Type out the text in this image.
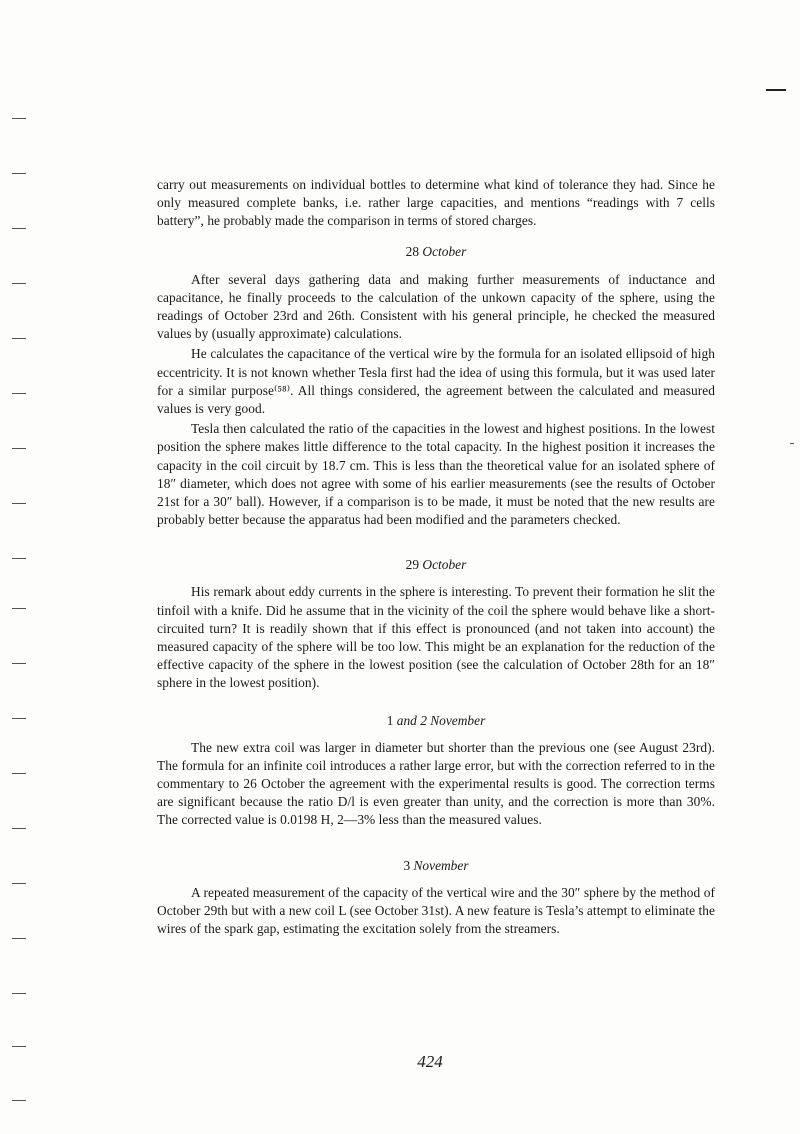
carry out measurements on individual bottles to determine what kind of tolerance they had. Since he only measured complete banks, i.e. rather large capacities, and mentions “readings with 7 cells battery”, he probably made the comparison in terms of stored charges.

28 October

After several days gathering data and making further measurements of inductance and capacitance, he finally proceeds to the calculation of the unkown capacity of the sphere, using the readings of October 23rd and 26th. Consistent with his general principle, he checked the measured values by (usually approximate) calculations.

He calculates the capacitance of the vertical wire by the formula for an isolated ellipsoid of high eccentricity. It is not known whether Tesla first had the idea of using this formula, but it was used later for a similar purpose⁽⁵⁸⁾. All things considered, the agreement between the calculated and measured values is very good.

Tesla then calculated the ratio of the capacities in the lowest and highest positions. In the lowest position the sphere makes little difference to the total capacity. In the highest position it increases the capacity in the coil circuit by 18.7 cm. This is less than the theoretical value for an isolated sphere of 18″ diameter, which does not agree with some of his earlier measurements (see the results of October 21st for a 30″ ball). However, if a comparison is to be made, it must be noted that the new results are probably better because the apparatus had been modified and the parameters checked.

29 October

His remark about eddy currents in the sphere is interesting. To prevent their formation he slit the tinfoil with a knife. Did he assume that in the vicinity of the coil the sphere would behave like a short-circuited turn? It is readily shown that if this effect is pronounced (and not taken into account) the measured capacity of the sphere will be too low. This might be an explanation for the reduction of the effective capacity of the sphere in the lowest position (see the calculation of October 28th for an 18″ sphere in the lowest position).

1 and 2 November

The new extra coil was larger in diameter but shorter than the previous one (see August 23rd). The formula for an infinite coil introduces a rather large error, but with the correction referred to in the commentary to 26 October the agreement with the experimental results is good. The correction terms are significant because the ratio D/l is even greater than unity, and the correction is more than 30%. The corrected value is 0.0198 H, 2—3% less than the measured values.

3 November

A repeated measurement of the capacity of the vertical wire and the 30″ sphere by the method of October 29th but with a new coil L (see October 31st). A new feature is Tesla’s attempt to eliminate the wires of the spark gap, estimating the excitation solely from the streamers.

424
